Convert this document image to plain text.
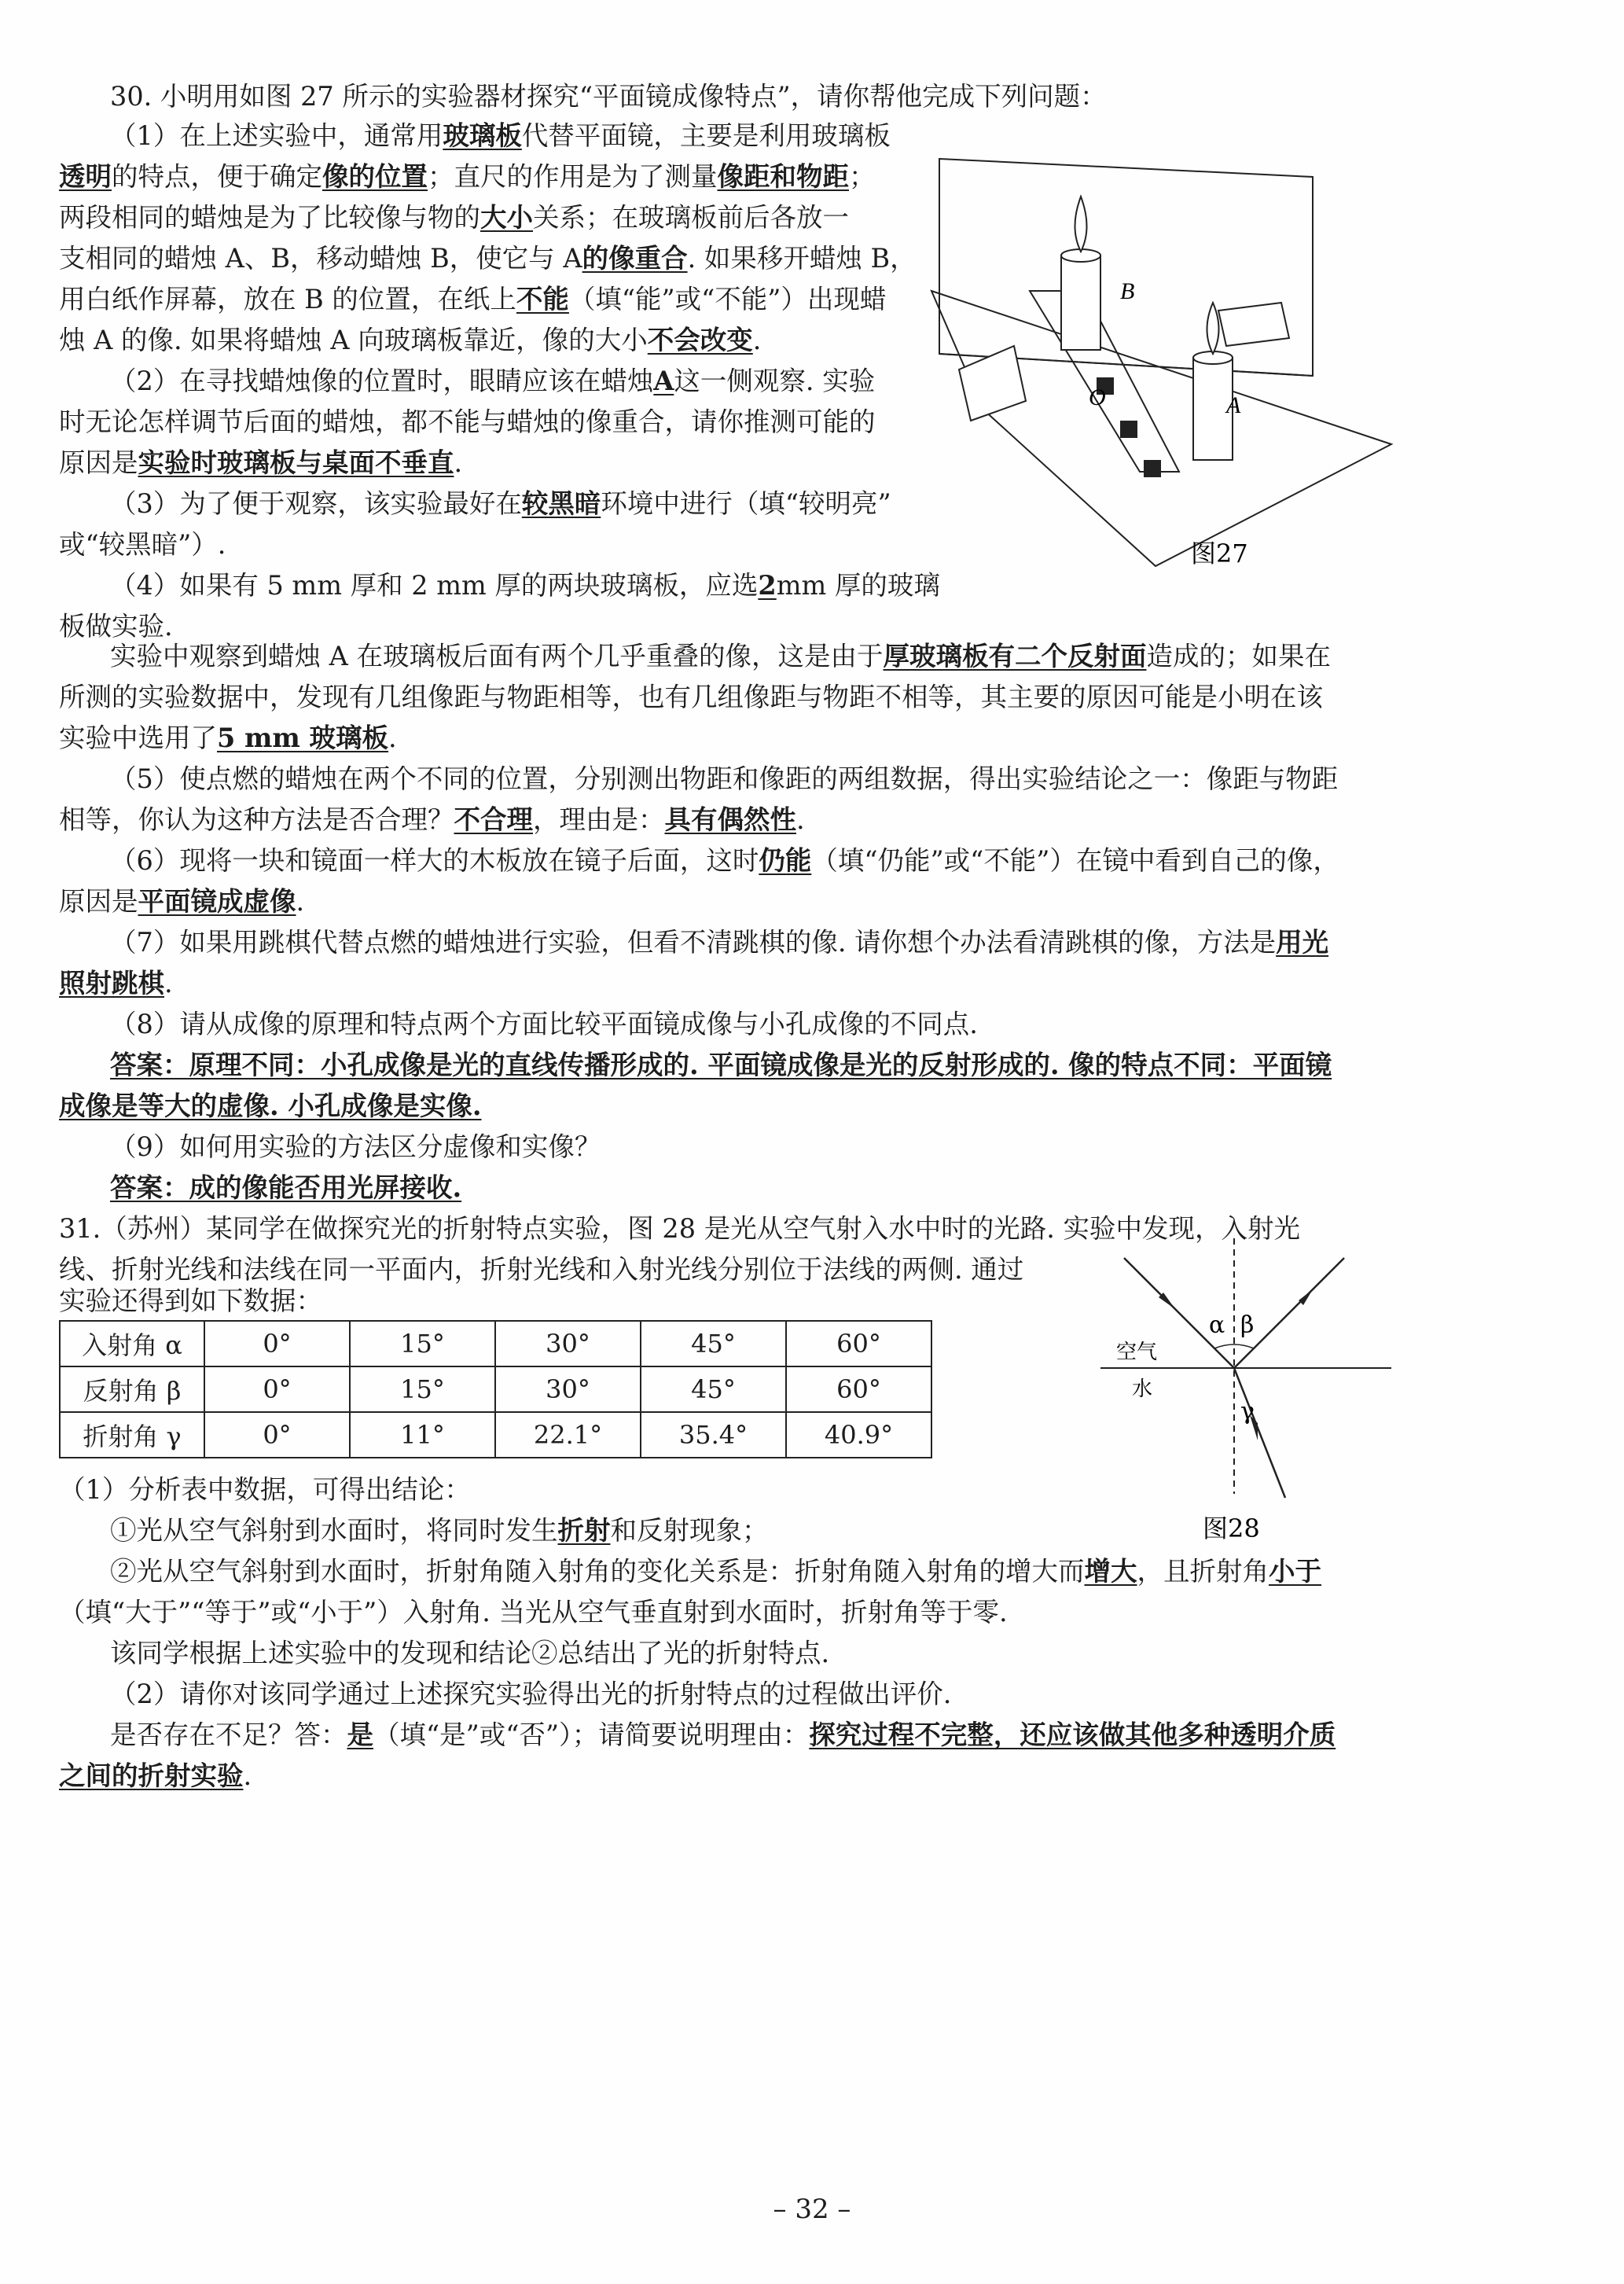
30. 小明用如图 27 所示的实验器材探究“平面镜成像特点”，请你帮他完成下列问题：
（1）在上述实验中，通常用玻璃板代替平面镜，主要是利用玻璃板
透明的特点，便于确定像的位置；直尺的作用是为了测量像距和物距；
两段相同的蜡烛是为了比较像与物的大小关系；在玻璃板前后各放一
支相同的蜡烛 A、B，移动蜡烛 B，使它与 A的像重合. 如果移开蜡烛 B，
用白纸作屏幕，放在 B 的位置，在纸上不能（填“能”或“不能”）出现蜡
烛 A 的像. 如果将蜡烛 A 向玻璃板靠近，像的大小不会改变.
（2）在寻找蜡烛像的位置时，眼睛应该在蜡烛A这一侧观察. 实验
时无论怎样调节后面的蜡烛，都不能与蜡烛的像重合，请你推测可能的
原因是实验时玻璃板与桌面不垂直.
（3）为了便于观察，该实验最好在较黑暗环境中进行（填“较明亮”
或“较黑暗”）.
（4）如果有 5 mm 厚和 2 mm 厚的两块玻璃板，应选2mm 厚的玻璃
板做实验.
实验中观察到蜡烛 A 在玻璃板后面有两个几乎重叠的像，这是由于厚玻璃板有二个反射面造成的；如果在
所测的实验数据中，发现有几组像距与物距相等，也有几组像距与物距不相等，其主要的原因可能是小明在该
实验中选用了5 mm 玻璃板.
（5）使点燃的蜡烛在两个不同的位置，分别测出物距和像距的两组数据，得出实验结论之一：像距与物距
相等，你认为这种方法是否合理？不合理，理由是：具有偶然性.
（6）现将一块和镜面一样大的木板放在镜子后面，这时仍能（填“仍能”或“不能”）在镜中看到自己的像，
原因是平面镜成虚像.
（7）如果用跳棋代替点燃的蜡烛进行实验，但看不清跳棋的像. 请你想个办法看清跳棋的像，方法是用光
照射跳棋.
（8）请从成像的原理和特点两个方面比较平面镜成像与小孔成像的不同点.
答案：原理不同：小孔成像是光的直线传播形成的. 平面镜成像是光的反射形成的. 像的特点不同：平面镜
成像是等大的虚像. 小孔成像是实像.
（9）如何用实验的方法区分虚像和实像？
答案：成的像能否用光屏接收.
B
A
O
图27
31.（苏州）某同学在做探究光的折射特点实验，图 28 是光从空气射入水中时的光路. 实验中发现，入射光
线、折射光线和法线在同一平面内，折射光线和入射光线分别位于法线的两侧. 通过
实验还得到如下数据：
入射角 α	0°	15°	30°	45°	60°
反射角 β	0°	15°	30°	45°	60°
折射角 γ	0°	11°	22.1°	35.4°	40.9°
α β
γ
空气
水
图28
（1）分析表中数据，可得出结论：
①光从空气斜射到水面时，将同时发生折射和反射现象；
②光从空气斜射到水面时，折射角随入射角的变化关系是：折射角随入射角的增大而增大，且折射角小于
（填“大于”“等于”或“小于”）入射角. 当光从空气垂直射到水面时，折射角等于零.
该同学根据上述实验中的发现和结论②总结出了光的折射特点.
（2）请你对该同学通过上述探究实验得出光的折射特点的过程做出评价.
是否存在不足？答：是（填“是”或“否”）；请简要说明理由：探究过程不完整，还应该做其他多种透明介质
之间的折射实验.
– 32 –
